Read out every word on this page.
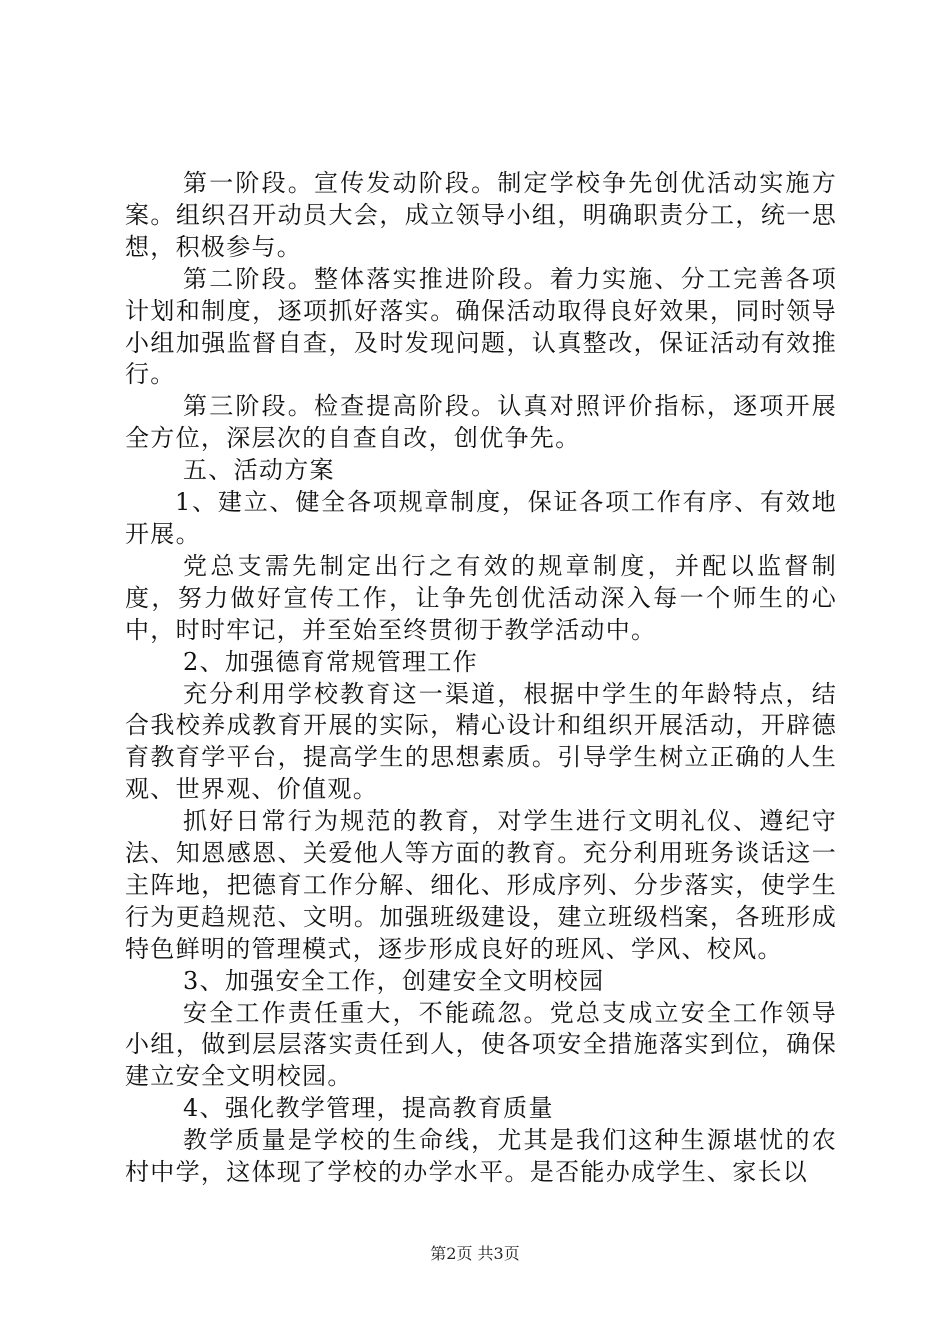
第一阶段。宣传发动阶段。制定学校争先创优活动实施方案。组织召开动员大会，成立领导小组，明确职责分工，统一思想，积极参与。

第二阶段。整体落实推进阶段。着力实施、分工完善各项计划和制度，逐项抓好落实。确保活动取得良好效果，同时领导小组加强监督自查，及时发现问题，认真整改，保证活动有效推行。

第三阶段。检查提高阶段。认真对照评价指标，逐项开展全方位，深层次的自查自改，创优争先。

五、活动方案

1、建立、健全各项规章制度，保证各项工作有序、有效地开展。

党总支需先制定出行之有效的规章制度，并配以监督制度，努力做好宣传工作，让争先创优活动深入每一个师生的心中，时时牢记，并至始至终贯彻于教学活动中。

2、加强德育常规管理工作

充分利用学校教育这一渠道，根据中学生的年龄特点，结合我校养成教育开展的实际，精心设计和组织开展活动，开辟德育教育学平台，提高学生的思想素质。引导学生树立正确的人生观、世界观、价值观。

抓好日常行为规范的教育，对学生进行文明礼仪、遵纪守法、知恩感恩、关爱他人等方面的教育。充分利用班务谈话这一主阵地，把德育工作分解、细化、形成序列、分步落实，使学生行为更趋规范、文明。加强班级建设，建立班级档案，各班形成特色鲜明的管理模式，逐步形成良好的班风、学风、校风。

3、加强安全工作，创建安全文明校园

安全工作责任重大，不能疏忽。党总支成立安全工作领导小组，做到层层落实责任到人，使各项安全措施落实到位，确保建立安全文明校园。

4、强化教学管理，提高教育质量

教学质量是学校的生命线，尤其是我们这种生源堪忧的农村中学，这体现了学校的办学水平。是否能办成学生、家长以

第2页 共3页
